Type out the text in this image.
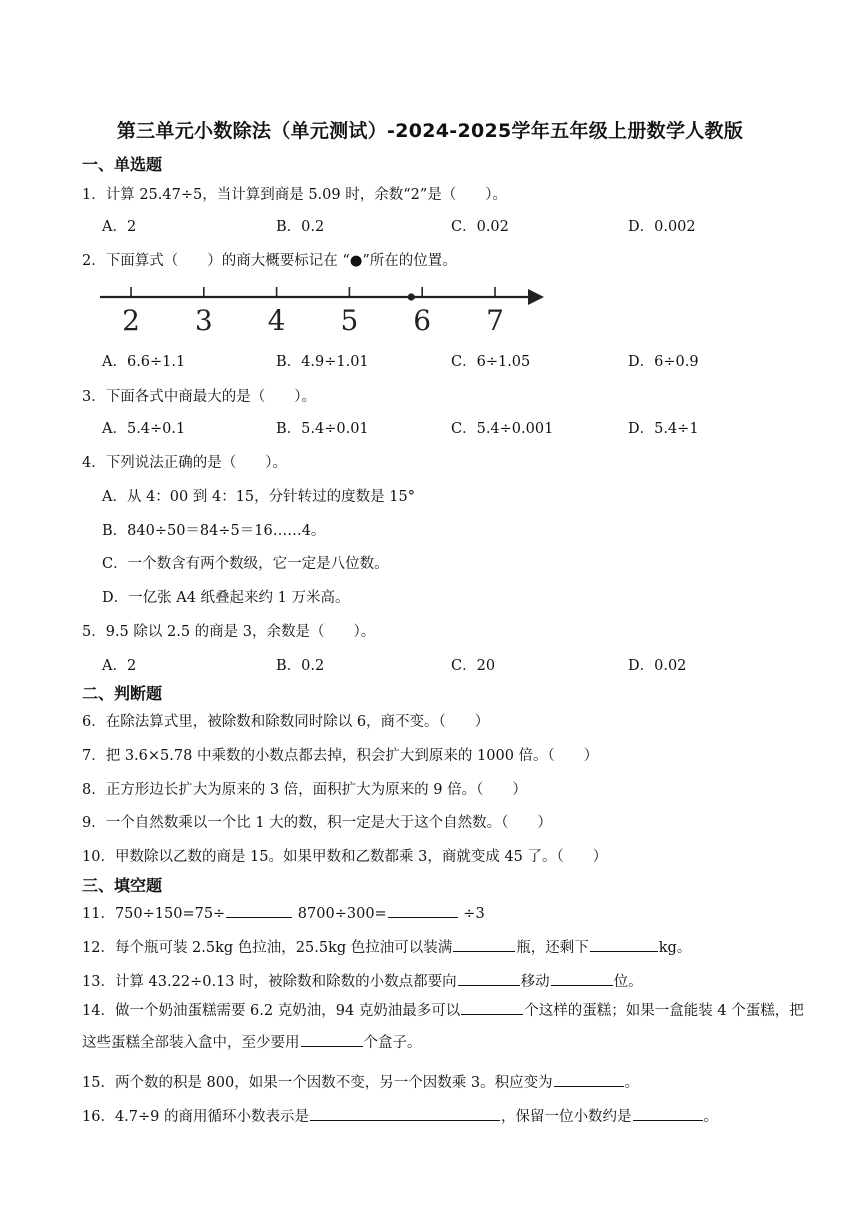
第三单元小数除法（单元测试）-2024-2025学年五年级上册数学人教版
一、单选题
1．计算 25.47÷5，当计算到商是 5.09 时，余数“2”是（　　）。
A．2	B．0.2	C．0.02	D．0.002
2．下面算式（　　）的商大概要标记在 “●”所在的位置。
2 3 4 5 6 7
A．6.6÷1.1	B．4.9÷1.01	C．6÷1.05	D．6÷0.9
3．下面各式中商最大的是（　　）。
A．5.4÷0.1	B．5.4÷0.01	C．5.4÷0.001	D．5.4÷1
4．下列说法正确的是（　　）。
A．从 4：00 到 4：15，分针转过的度数是 15°
B．840÷50＝84÷5＝16……4。
C．一个数含有两个数级，它一定是八位数。
D．一亿张 A4 纸叠起来约 1 万米高。
5．9.5 除以 2.5 的商是 3，余数是（　　）。
A．2	B．0.2	C．20	D．0.02
二、判断题
6．在除法算式里，被除数和除数同时除以 6，商不变。（　　）
7．把 3.6×5.78 中乘数的小数点都去掉，积会扩大到原来的 1000 倍。（　　）
8．正方形边长扩大为原来的 3 倍，面积扩大为原来的 9 倍。（　　）
9．一个自然数乘以一个比 1 大的数，积一定是大于这个自然数。（　　）
10．甲数除以乙数的商是 15。如果甲数和乙数都乘 3，商就变成 45 了。（　　）
三、填空题
11．750÷150=75÷	8700÷300=	÷3
12．每个瓶可装 2.5kg 色拉油，25.5kg 色拉油可以装满	瓶，还剩下	kg。
13．计算 43.22÷0.13 时，被除数和除数的小数点都要向	移动	位。
14．做一个奶油蛋糕需要 6.2 克奶油，94 克奶油最多可以	个这样的蛋糕；如果一盒能装 4 个蛋糕，把这些蛋糕全部装入盒中，至少要用	个盒子。
15．两个数的积是 800，如果一个因数不变，另一个因数乘 3。积应变为	。
16．4.7÷9 的商用循环小数表示是	，保留一位小数约是	。
